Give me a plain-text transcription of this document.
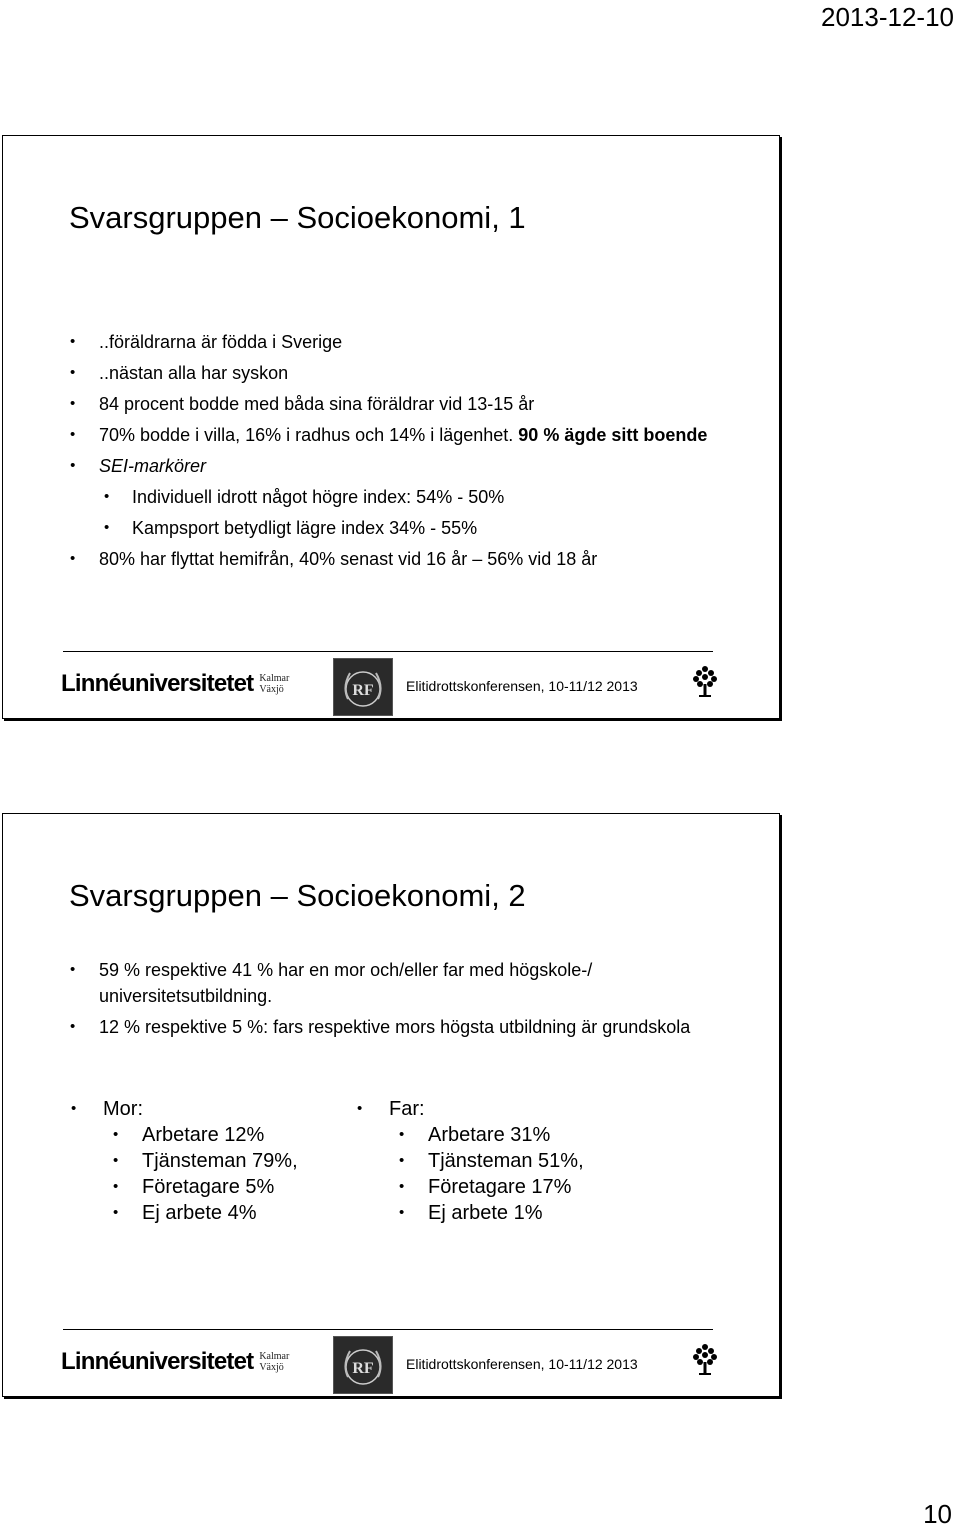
2013-12-10
Svarsgruppen – Socioekonomi, 1
• ..föräldrarna är födda i Sverige
• ..nästan alla har syskon
• 84 procent bodde med båda sina föräldrar vid 13-15 år
• 70% bodde i villa, 16% i radhus och 14% i lägenhet. 90 % ägde sitt boende
• SEI-markörer
• Individuell idrott något högre index: 54% - 50%
• Kampsport betydligt lägre index 34% - 55%
• 80% har flyttat hemifrån, 40% senast vid 16 år – 56% vid 18 år
Linnéuniversitetet Kalmar
Växjö	RF Elitidrottskonferensen, 10-11/12 2013
Svarsgruppen – Socioekonomi, 2
• 59 % respektive 41 % har en mor och/eller far med högskole-/ universitetsutbildning.
• 12 % respektive 5 %: fars respektive mors högsta utbildning är grundskola
• Mor:
• Arbetare 12%
• Tjänsteman 79%,
• Företagare 5%
• Ej arbete 4%
• Far:
• Arbetare 31%
• Tjänsteman 51%,
• Företagare 17%
• Ej arbete 1%
Linnéuniversitetet Kalmar
Växjö	RF Elitidrottskonferensen, 10-11/12 2013
10
